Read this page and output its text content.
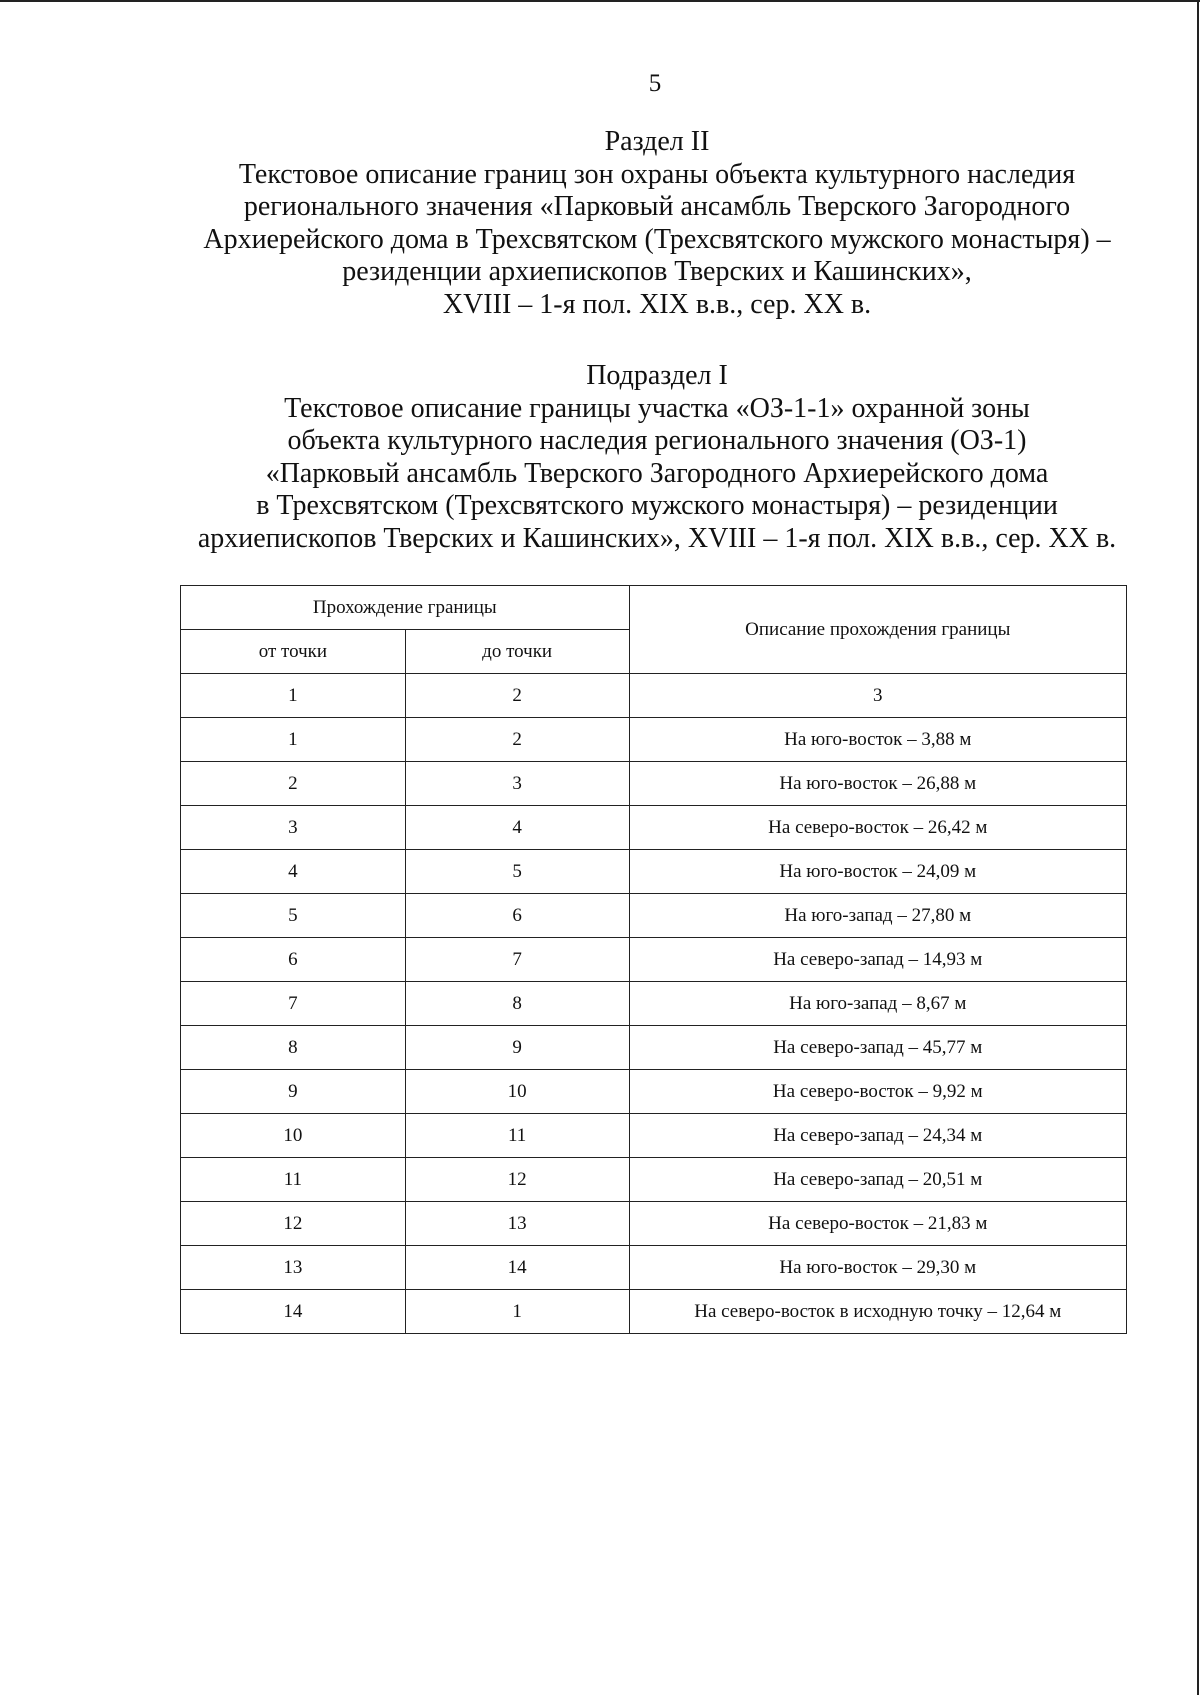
5
Раздел II
Текстовое описание границ зон охраны объекта культурного наследия
регионального значения «Парковый ансамбль Тверского Загородного
Архиерейского дома в Трехсвятском (Трехсвятского мужского монастыря) –
резиденции архиепископов Тверских и Кашинских»,
XVIII – 1-я пол. XIX в.в., сер. XX в.
Подраздел I
Текстовое описание границы участка «ОЗ-1-1» охранной зоны
объекта культурного наследия регионального значения (ОЗ-1)
«Парковый ансамбль Тверского Загородного Архиерейского дома
в Трехсвятском (Трехсвятского мужского монастыря) – резиденции
архиепископов Тверских и Кашинских», XVIII – 1-я пол. XIX в.в., сер. XX в.
Прохождение границы		Описание прохождения границы
от точки	до точки	
1	2	3
1	2	На юго-восток – 3,88 м
2	3	На юго-восток – 26,88 м
3	4	На северо-восток – 26,42 м
4	5	На юго-восток – 24,09 м
5	6	На юго-запад – 27,80 м
6	7	На северо-запад – 14,93 м
7	8	На юго-запад – 8,67 м
8	9	На северо-запад – 45,77 м
9	10	На северо-восток – 9,92 м
10	11	На северо-запад – 24,34 м
11	12	На северо-запад – 20,51 м
12	13	На северо-восток – 21,83 м
13	14	На юго-восток – 29,30 м
14	1	На северо-восток в исходную точку – 12,64 м
